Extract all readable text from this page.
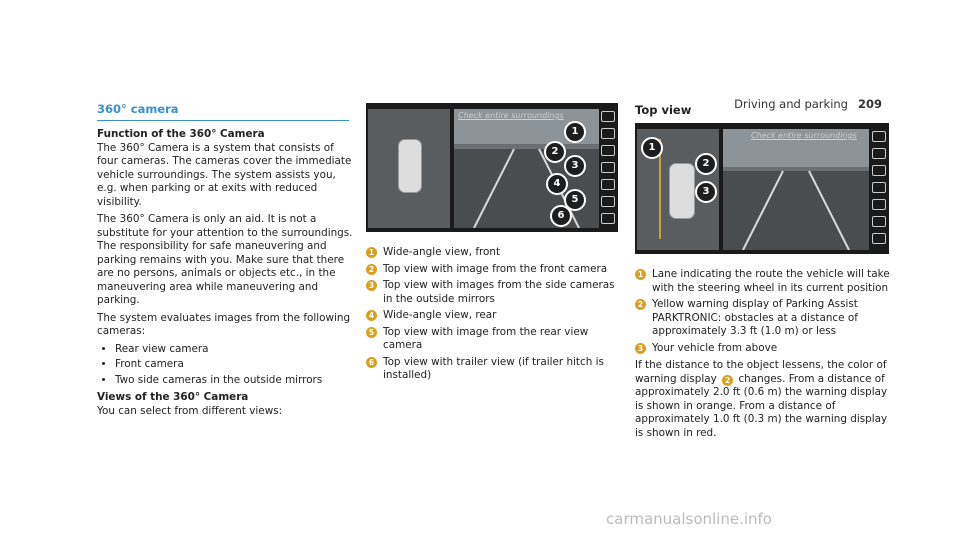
Driving and parking 209
360° camera

Function of the 360° Camera

The 360° Camera is a system that consists of four cameras. The cameras cover the immediate vehicle surroundings. The system assists you, e.g. when parking or at exits with reduced visibility.

The 360° Camera is only an aid. It is not a substitute for your attention to the surroundings. The responsibility for safe maneuvering and parking remains with you. Make sure that there are no persons, animals or objects etc., in the maneuvering area while maneuvering and parking.

The system evaluates images from the following cameras:

• Rear view camera
• Front camera
• Two side cameras in the outside mirrors

Views of the 360° Camera

You can select from different views:

Check entire surroundings
1
2
3
4
5
6
1 Wide-angle view, front
2 Top view with image from the front camera
3 Top view with images from the side cameras in the outside mirrors
4 Wide-angle view, rear
5 Top view with image from the rear view camera
6 Top view with trailer view (if trailer hitch is installed)
Top view
Check entire surroundings
1
2
3
1 Lane indicating the route the vehicle will take with the steering wheel in its current position
2 Yellow warning display of Parking Assist PARKTRONIC: obstacles at a distance of approximately 3.3 ft (1.0 m) or less
3 Your vehicle from above

If the distance to the object lessens, the color of warning display 2 changes. From a distance of approximately 2.0 ft (0.6 m) the warning display is shown in orange. From a distance of approximately 1.0 ft (0.3 m) the warning display is shown in red.

carmanualsonline.info
